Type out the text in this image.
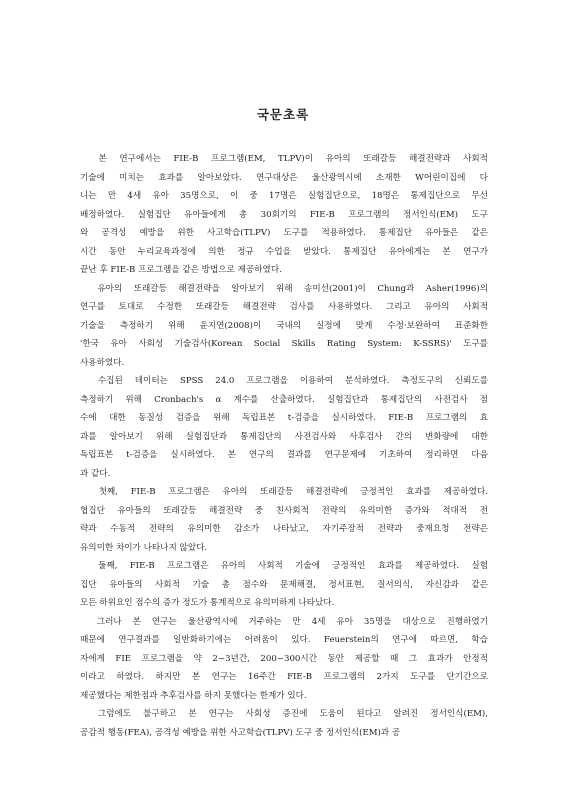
국문초록
　본 연구에서는 FIE-B 프로그램(EM, TLPV)이 유아의 또래갈등 해결전략과 사회적
기술에 미치는 효과를 알아보았다. 연구대상은 울산광역시에 소재한 W어린이집에 다
니는 만 4세 유아 35명으로, 이 중 17명은 실험집단으로, 18명은 통제집단으로 무선
배정하였다. 실험집단 유아들에게 총 30회기의 FIE-B 프로그램의 정서인식(EM) 도구
와 공격성 예방을 위한 사고학습(TLPV) 도구를 적용하였다. 통제집단 유아들은 같은
시간 동안 누리교육과정에 의한 정규 수업을 받았다. 통제집단 유아에게는 본 연구가
끝난 후 FIE-B 프로그램을 같은 방법으로 제공하였다.
　유아의 또래갈등 해결전략을 알아보기 위해 송미선(2001)이 Chung과 Asher(1996)의
연구를 토대로 수정한 또래갈등 해결전략 검사를 사용하였다. 그리고 유아의 사회적
기술을 측정하기 위해 윤지연(2008)이 국내의 실정에 맞게 수정·보완하여 표준화한
'한국 유아 사회성 기술검사(Korean Social Skills Rating System: K-SSRS)' 도구를
사용하였다.
　수집된 데이터는 SPSS 24.0 프로그램을 이용하여 분석하였다. 측정도구의 신뢰도를
측정하기 위해 Cronbach's α 계수를 산출하였다. 실험집단과 통제집단의 사전검사 점
수에 대한 동질성 검증을 위해 독립표본 t-검증을 실시하였다. FIE-B 프로그램의 효
과를 알아보기 위해 실험집단과 통제집단의 사전검사와 사후검사 간의 변화량에 대한
독립표본 t-검증을 실시하였다. 본 연구의 결과를 연구문제에 기초하여 정리하면 다음
과 같다.
　첫째, FIE-B 프로그램은 유아의 또래갈등 해결전략에 긍정적인 효과를 제공하였다.
협집단 유아들의 또래갈등 해결전략 중 친사회적 전략의 유의미한 증가와 적대적 전
략과 수동적 전략의 유의미한 감소가 나타났고, 자기주장적 전략과 중재요청 전략은
유의미한 차이가 나타나지 않았다.
　둘째, FIE-B 프로그램은 유아의 사회적 기술에 긍정적인 효과를 제공하였다. 실험
집단 유아들의 사회적 기술 총 점수와 문제해결, 정서표현, 질서의식, 자신감과 같은
모든 하위요인 점수의 증가 정도가 통계적으로 유의미하게 나타났다.
　그러나 본 연구는 울산광역시에 거주하는 만 4세 유아 35명을 대상으로 진행하였기
때문에 연구결과를 일반화하기에는 어려움이 있다. Feuerstein의 연구에 따르면, 학습
자에게 FIE 프로그램을 약 2~3년간, 200~300시간 동안 제공할 때 그 효과가 안정적
이라고 하였다. 하지만 본 연구는 16주간 FIE-B 프로그램의 2가지 도구를 단기간으로
제공했다는 제한점과 추후검사를 하지 못했다는 한계가 있다.
　그럼에도 불구하고 본 연구는 사회성 증진에 도움이 된다고 알려진 정서인식(EM),
공감적 행동(FEA), 공격성 예방을 위한 사고학습(TLPV) 도구 중 정서인식(EM)과 공
